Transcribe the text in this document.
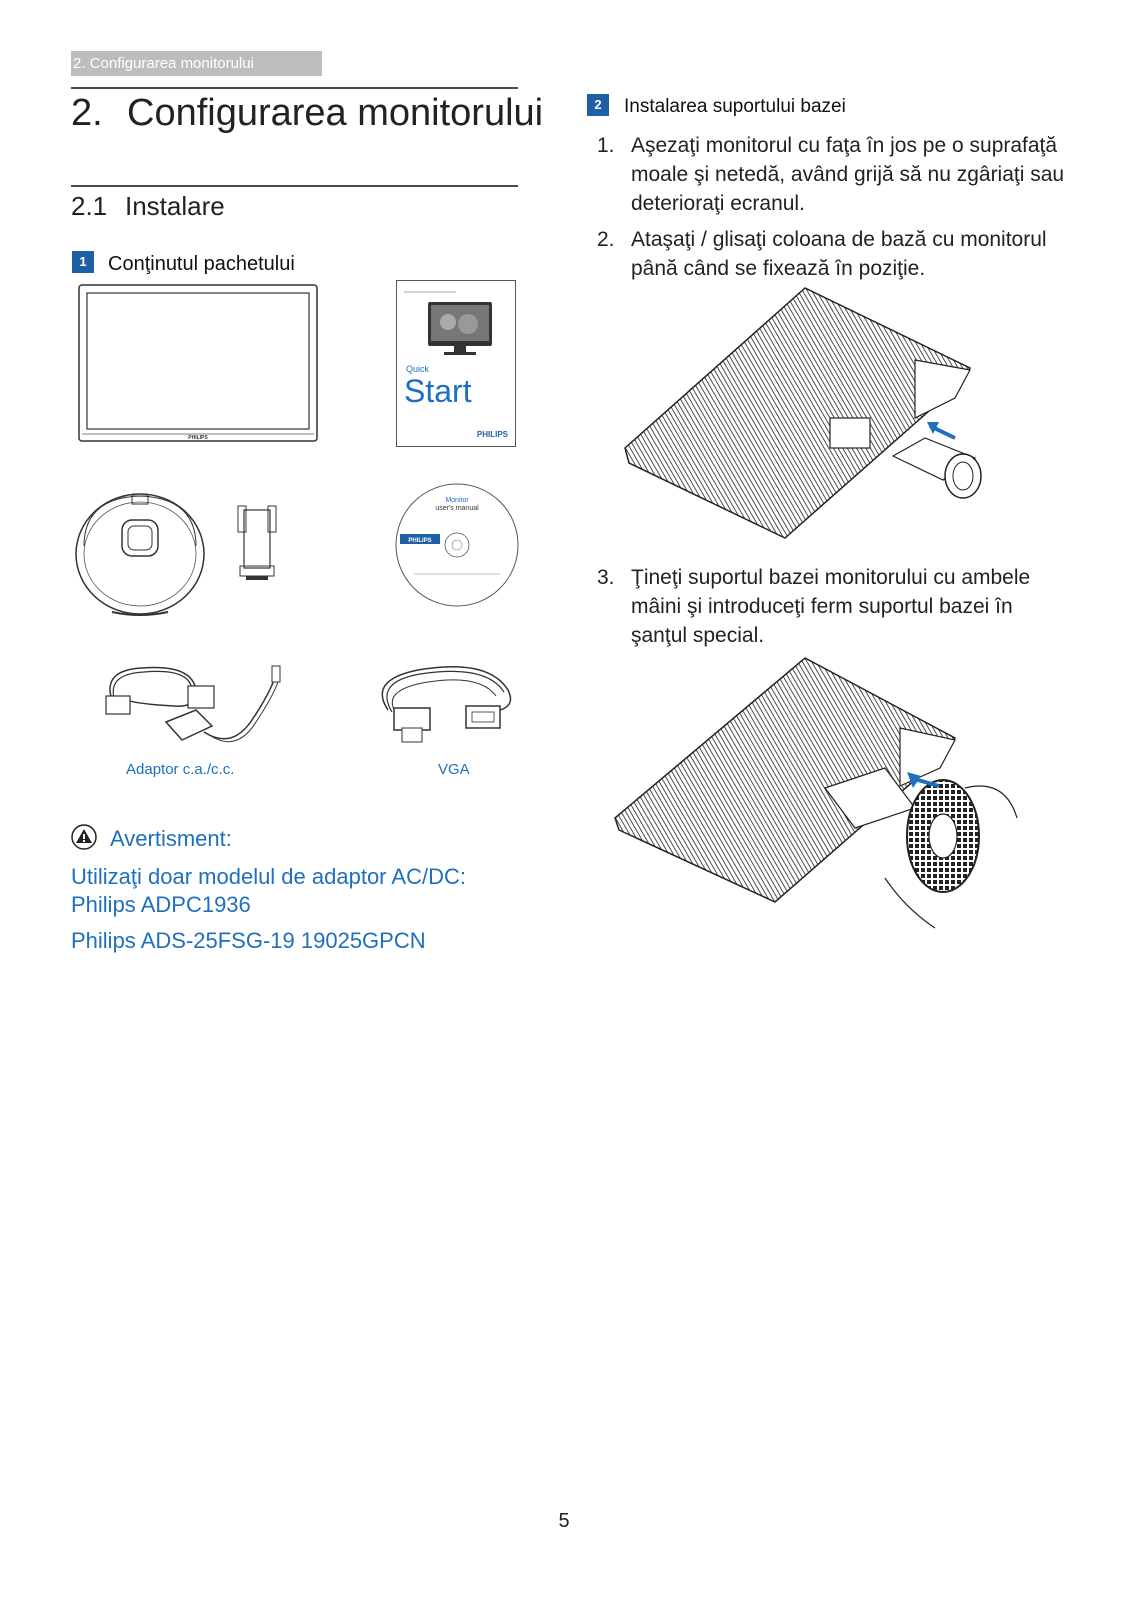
2. Configurarea monitorului
2. Configurarea monitorului
2.1 Instalare
1	Conţinutul pachetului
PHILIPS
Quick
Start
PHILIPS
Monitor
user's manual
PHILIPS
Adaptor c.a./c.c.	VGA
Avertisment:
Utilizaţi doar modelul de adaptor AC/DC:
Philips ADPC1936
Philips ADS-25FSG-19 19025GPCN
2	Instalarea suportului bazei
1. Aşezaţi monitorul cu faţa în jos pe o suprafaţă moale şi netedă, având grijă să nu zgâriaţi sau deterioraţi ecranul.
2. Ataşaţi / glisaţi coloana de bază cu monitorul până când se fixează în poziţie.
3. Ţineţi suportul bazei monitorului cu ambele mâini şi introduceţi ferm suportul bazei în şanţul special.
5
